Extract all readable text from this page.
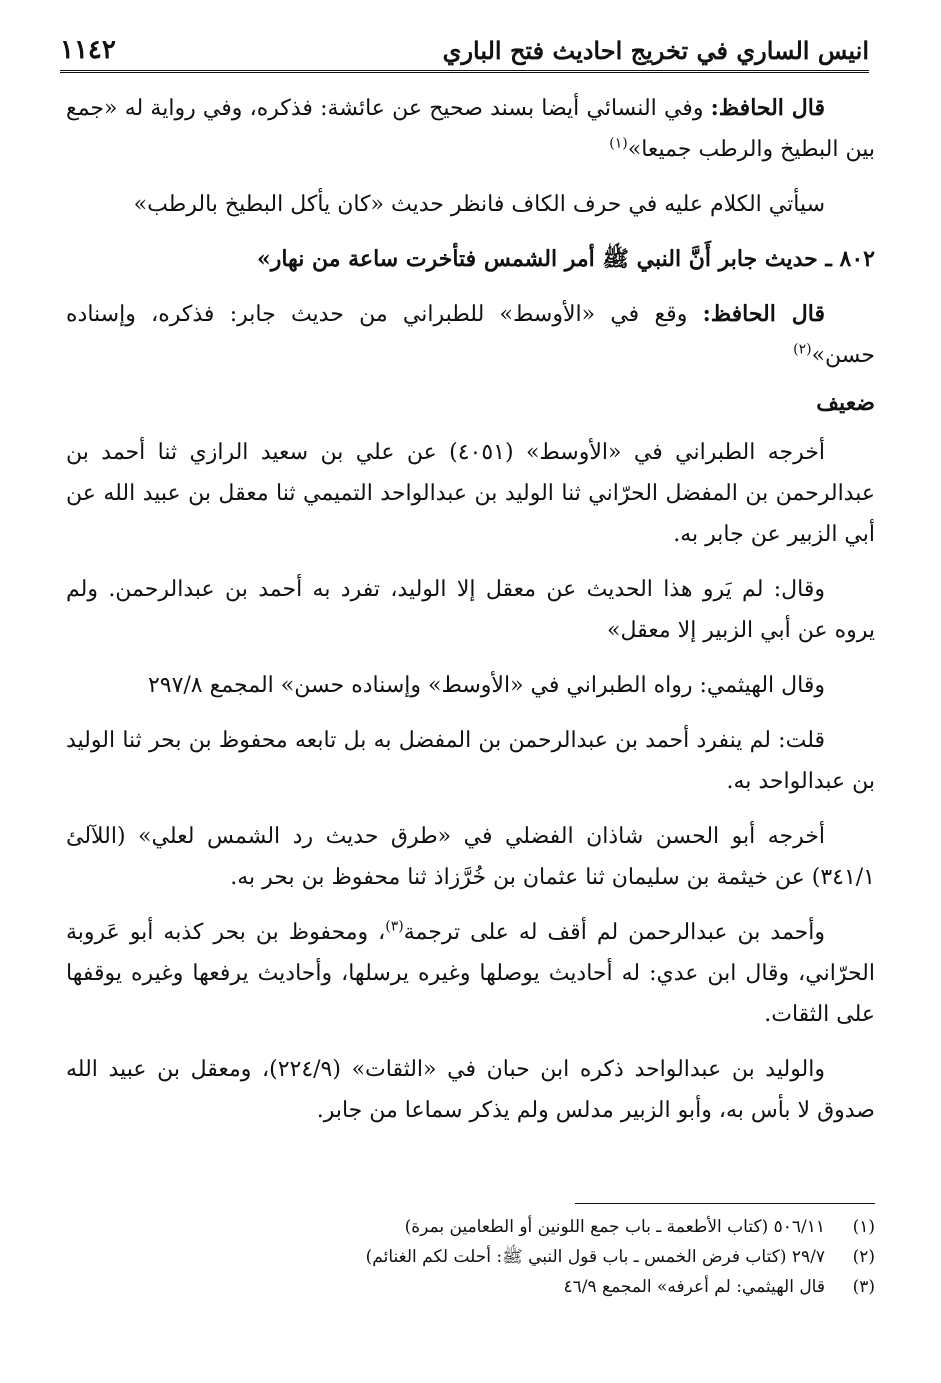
انيس الساري في تخريج احاديث فتح الباري
١١٤٢

قال الحافظ: وفي النسائي أيضا بسند صحيح عن عائشة: فذكره، وفي رواية له «جمع بين البطيخ والرطب جميعا»$^{(١)}$

سيأتي الكلام عليه في حرف الكاف فانظر حديث «كان يأكل البطيخ بالرطب»

٨٠٢ ـ حديث جابر أَنَّ النبي ﷺ أمر الشمس فتأخرت ساعة من نهار»

قال الحافظ: وقع في «الأوسط» للطبراني من حديث جابر: فذكره، وإسناده حسن»$^{(٢)}$

ضعيف

أخرجه الطبراني في «الأوسط» (٤٠٥١) عن علي بن سعيد الرازي ثنا أحمد بن عبدالرحمن بن المفضل الحرّاني ثنا الوليد بن عبدالواحد التميمي ثنا معقل بن عبيد الله عن أبي الزبير عن جابر به.

وقال: لم يَرو هذا الحديث عن معقل إلا الوليد، تفرد به أحمد بن عبدالرحمن. ولم يروه عن أبي الزبير إلا معقل»

وقال الهيثمي: رواه الطبراني في «الأوسط» وإسناده حسن» المجمع ٢٩٧/٨

قلت: لم ينفرد أحمد بن عبدالرحمن بن المفضل به بل تابعه محفوظ بن بحر ثنا الوليد بن عبدالواحد به.

أخرجه أبو الحسن شاذان الفضلي في «طرق حديث رد الشمس لعلي» (اللآلئ ٣٤١/١) عن خيثمة بن سليمان ثنا عثمان بن خُرَّزاذ ثنا محفوظ بن بحر به.

وأحمد بن عبدالرحمن لم أقف له على ترجمة$^{(٣)}$، ومحفوظ بن بحر كذبه أبو عَروبة الحرّاني، وقال ابن عدي: له أحاديث يوصلها وغيره يرسلها، وأحاديث يرفعها وغيره يوقفها على الثقات.

والوليد بن عبدالواحد ذكره ابن حبان في «الثقات» (٢٢٤/٩)، ومعقل بن عبيد الله صدوق لا بأس به، وأبو الزبير مدلس ولم يذكر سماعا من جابر.

(١)
٥٠٦/١١ (كتاب الأطعمة ـ باب جمع اللونين أو الطعامين بمرة)
(٢)
٢٩/٧ (كتاب فرض الخمس ـ باب قول النبي ﷺ: أحلت لكم الغنائم)
(٣)
قال الهيثمي: لم أعرفه» المجمع ٤٦/٩
